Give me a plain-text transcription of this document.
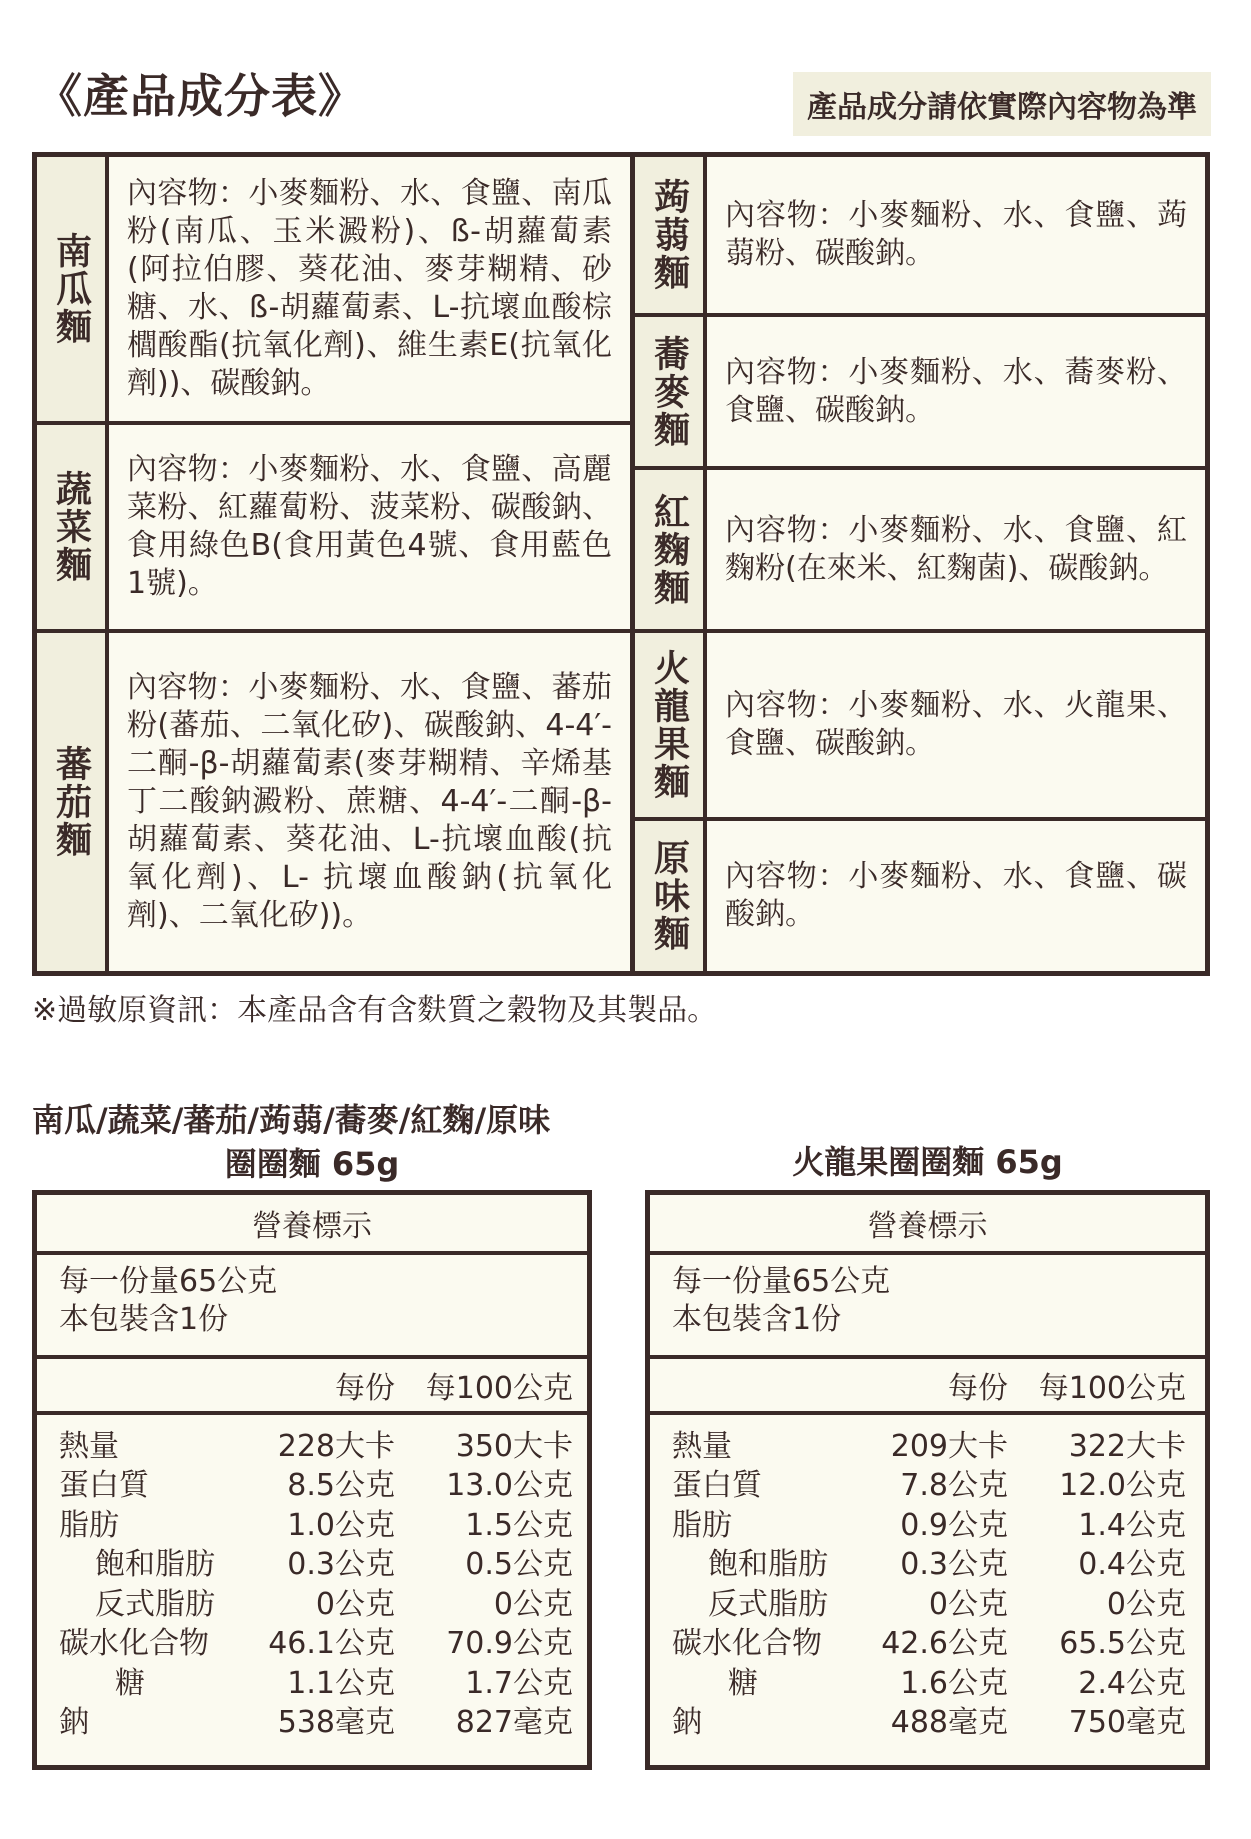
《產品成分表》	產品成分請依實際內容物為準
南瓜麵

內容物：小麥麵粉、水、食鹽、南瓜粉(南瓜、玉米澱粉)、ß-胡蘿蔔素(阿拉伯膠、葵花油、麥芽糊精、砂糖、水、ß-胡蘿蔔素、L-抗壞血酸棕櫚酸酯(抗氧化劑)、維生素E(抗氧化劑))、碳酸鈉。

蔬菜麵

內容物：小麥麵粉、水、食鹽、高麗菜粉、紅蘿蔔粉、菠菜粉、碳酸鈉、食用綠色B(食用黃色4號、食用藍色1號)。

蕃茄麵

內容物：小麥麵粉、水、食鹽、蕃茄粉(蕃茄、二氧化矽)、碳酸鈉、4-4′-二酮-β-胡蘿蔔素(麥芽糊精、辛烯基丁二酸鈉澱粉、蔗糖、4-4′-二酮-β-胡蘿蔔素、葵花油、L-抗壞血酸(抗氧化劑)、L- 抗壞血酸鈉(抗氧化劑)、二氧化矽))。

蒟蒻麵 內容物：小麥麵粉、水、食鹽、蒟蒻粉、碳酸鈉。

蕎麥麵 內容物：小麥麵粉、水、蕎麥粉、食鹽、碳酸鈉。

紅麴麵 內容物：小麥麵粉、水、食鹽、紅麴粉(在來米、紅麴菌)、碳酸鈉。

火龍果麵 內容物：小麥麵粉、水、火龍果、食鹽、碳酸鈉。

原味麵 內容物：小麥麵粉、水、食鹽、碳酸鈉。

※過敏原資訊：本產品含有含麩質之穀物及其製品。
南瓜/蔬菜/蕃茄/蒟蒻/蕎麥/紅麴/原味
圈圈麵 65g
營養標示
每一份量65公克
本包裝含1份
每份	每100公克
熱量	228大卡	350大卡
蛋白質	8.5公克	13.0公克
脂肪	1.0公克	1.5公克
飽和脂肪	0.3公克	0.5公克
反式脂肪	0公克	0公克
碳水化合物	46.1公克	70.9公克
糖	1.1公克	1.7公克
鈉	538毫克	827毫克
火龍果圈圈麵 65g
營養標示
每一份量65公克
本包裝含1份
每份	每100公克
熱量	209大卡	322大卡
蛋白質	7.8公克	12.0公克
脂肪	0.9公克	1.4公克
飽和脂肪	0.3公克	0.4公克
反式脂肪	0公克	0公克
碳水化合物	42.6公克	65.5公克
糖	1.6公克	2.4公克
鈉	488毫克	750毫克
